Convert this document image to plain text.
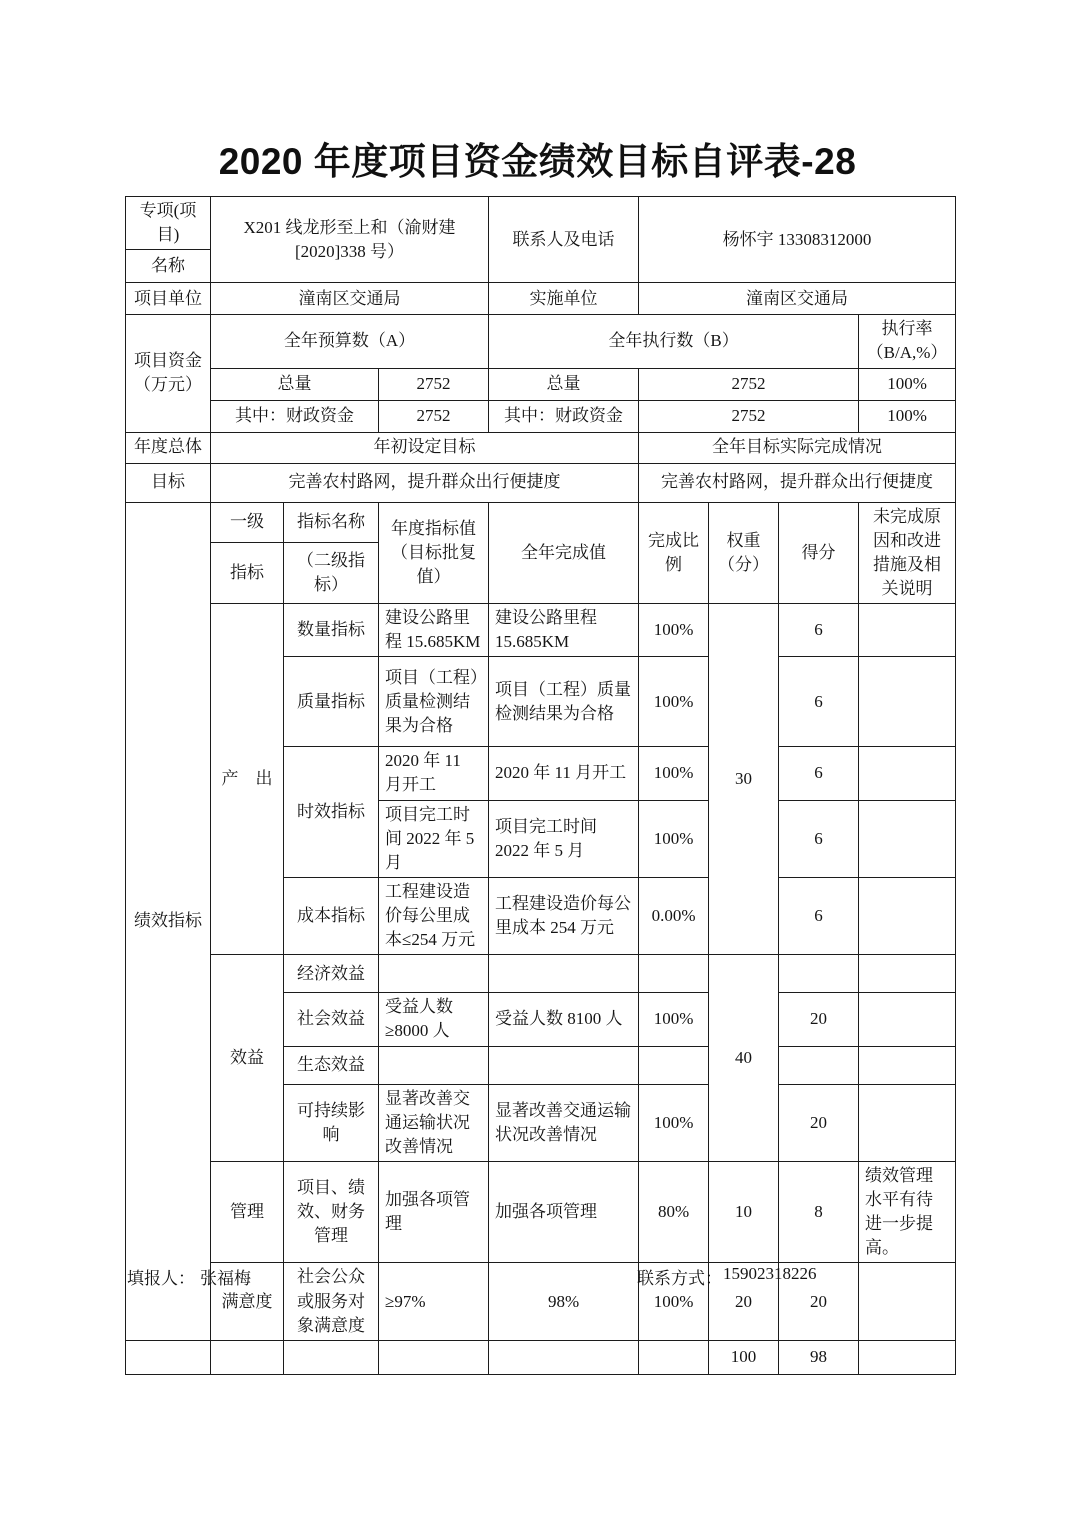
2020 年度项目资金绩效目标自评表-28
专项(项目)	X201 线龙形至上和（渝财建[2020]338 号）			联系人及电话	杨怀宇 13308312000			
名称								
项目单位	潼南区交通局			实施单位	潼南区交通局			
项目资金（万元）	全年预算数（A）			全年执行数（B）				执行率（B/A,%）
	总量		2752	总量	2752			100%
	其中：财政资金		2752	其中：财政资金	2752			100%
年度总体	年初设定目标				全年目标实际完成情况			
目标	完善农村路网，提升群众出行便捷度				完善农村路网，提升群众出行便捷度			
绩效指标	一级	指标名称	年度指标值（目标批复值）	全年完成值	完成比例	权重（分）	得分	未完成原因和改进措施及相关说明
	指标	（二级指标）						
	产　出	数量指标	建设公路里程 15.685KM	建设公路里程 15.685KM	100%	30	6	
		质量指标	项目（工程）质量检测结果为合格	项目（工程）质量检测结果为合格	100%		6	
		时效指标	2020 年 11 月开工	2020 年 11 月开工	100%		6	
			项目完工时间 2022 年 5 月	项目完工时间 2022 年 5 月	100%		6	
		成本指标	工程建设造价每公里成本≤254 万元	工程建设造价每公里成本 254 万元	0.00%		6	
	效益	经济效益				40		
		社会效益	受益人数≥8000 人	受益人数 8100 人	100%		20	
		生态效益						
		可持续影响	显著改善交通运输状况改善情况	显著改善交通运输状况改善情况	100%		20	
	管理	项目、绩效、财务管理	加强各项管理	加强各项管理	80%	10	8	绩效管理水平有待进一步提高。
	满意度	社会公众或服务对象满意度	≥97%	98%	100%	20	20	
						100	98	
填报人： 张福梅	联系方式： 15902318226
